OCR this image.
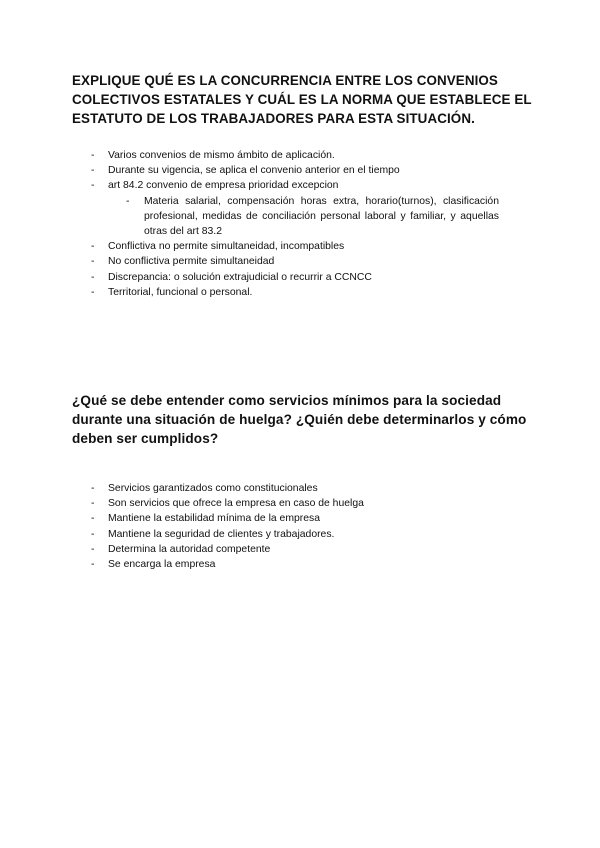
EXPLIQUE QUÉ ES LA CONCURRENCIA ENTRE LOS CONVENIOS COLECTIVOS ESTATALES Y CUÁL ES LA NORMA QUE ESTABLECE EL ESTATUTO DE LOS TRABAJADORES PARA ESTA SITUACIÓN.
- Varios convenios de mismo ámbito de aplicación.
- Durante su vigencia, se aplica el convenio anterior en el tiempo
- art 84.2 convenio de empresa prioridad excepcion
- Materia salarial, compensación horas extra, horario(turnos), clasificación profesional, medidas de conciliación personal laboral y familiar, y aquellas otras del art 83.2
- Conflictiva no permite simultaneidad, incompatibles
- No conflictiva permite simultaneidad
- Discrepancia: o solución extrajudicial o recurrir a CCNCC
- Territorial, funcional o personal.
¿Qué se debe entender como servicios mínimos para la sociedad durante una situación de huelga? ¿Quién debe determinarlos y cómo deben ser cumplidos?
- Servicios garantizados como constitucionales
- Son servicios que ofrece la empresa en caso de huelga
- Mantiene la estabilidad mínima de la empresa
- Mantiene la seguridad de clientes y trabajadores.
- Determina la autoridad competente
- Se encarga la empresa
